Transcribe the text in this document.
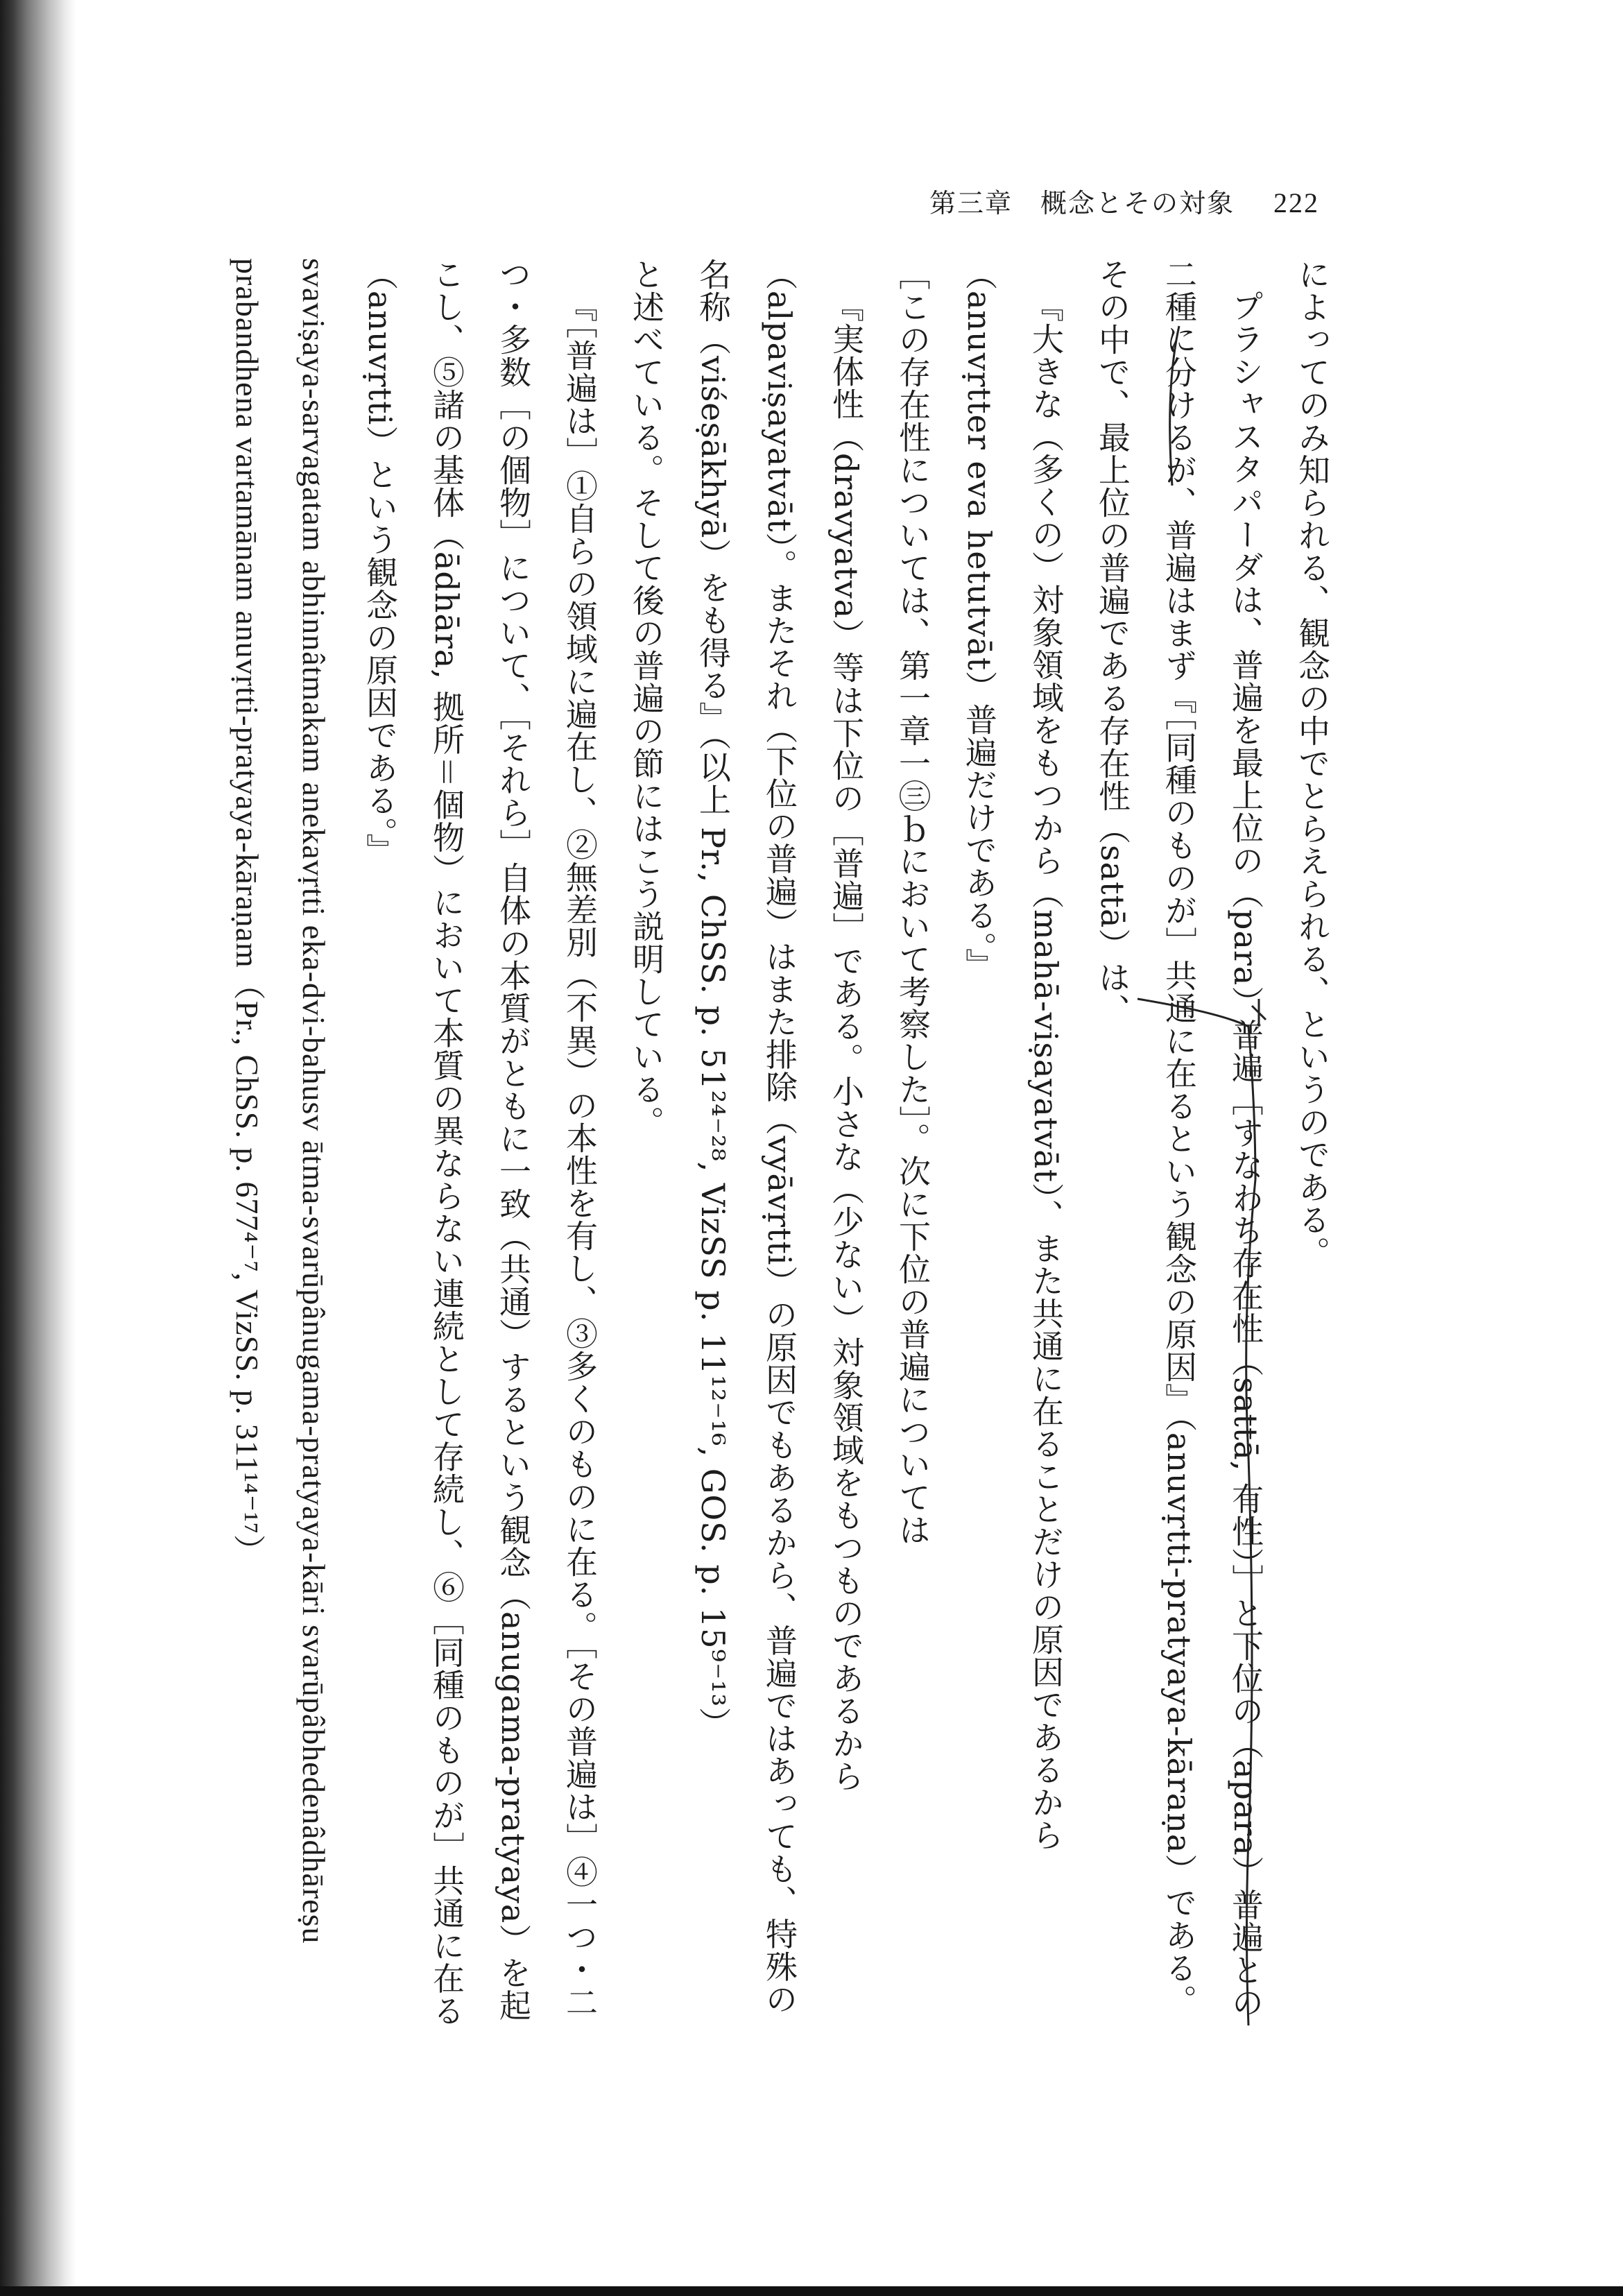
第三章　概念とその対象 222

によってのみ知られる、観念の中でとらえられる、というのである。

プラシャスタパーダは、普遍を最上位の（para）普遍［すなわち存在性（sattā, 有性）］と下位の（apara）普遍との二種に分けるが、普遍はまず『［同種のものが］共通に在るという観念の原因』（anuvṛtti-pratyaya-kāraṇa）である。その中で、最上位の普遍である存在性（sattā）は、

『大きな（多くの）対象領域をもつから（mahā-viṣayatvāt）、また共通に在ることだけの原因であるから（anuvṛtter eva hetutvāt）普遍だけである。』

［この存在性については、第一章一㊂ｂにおいて考察した］。次に下位の普遍については

『実体性（dravyatva）等は下位の［普遍］である。小さな（少ない）対象領域をもつものであるから（alpaviṣayatvāt）。またそれ（下位の普遍）はまた排除（vyāvṛtti）の原因でもあるから、普遍ではあっても、特殊の名称（viśeṣākhyā）をも得る』（以上 Pr., ChSS. p. 51²⁴⁻²⁸, VizSS p. 11¹²⁻¹⁶, GOS. p. 15⁹⁻¹³）

と述べている。そして後の普遍の節にはこう説明している。

『［普遍は］①自らの領域に遍在し、②無差別（不異）の本性を有し、③多くのものに在る。［その普遍は］④一つ・二つ・多数［の個物］について、［それら］自体の本質がともに一致（共通）するという観念（anugama-pratyaya）を起こし、⑤諸の基体（ādhāra, 拠所＝個物）において本質の異ならない連続として存続し、⑥［同種のものが］共通に在る（anuvṛtti）という観念の原因である。』

svaviṣaya-sarvagatam abhinnâtmakam anekavṛtti eka-dvi-bahusv ātma-svarūpânugama-pratyaya-kāri svarūpâbhedenâdhāreṣu prabandhena vartamānam anuvṛtti-pratyaya-kāraṇam（Pr., ChSS. p. 677⁴⁻⁷, VizSS. p. 311¹⁴⁻¹⁷）
